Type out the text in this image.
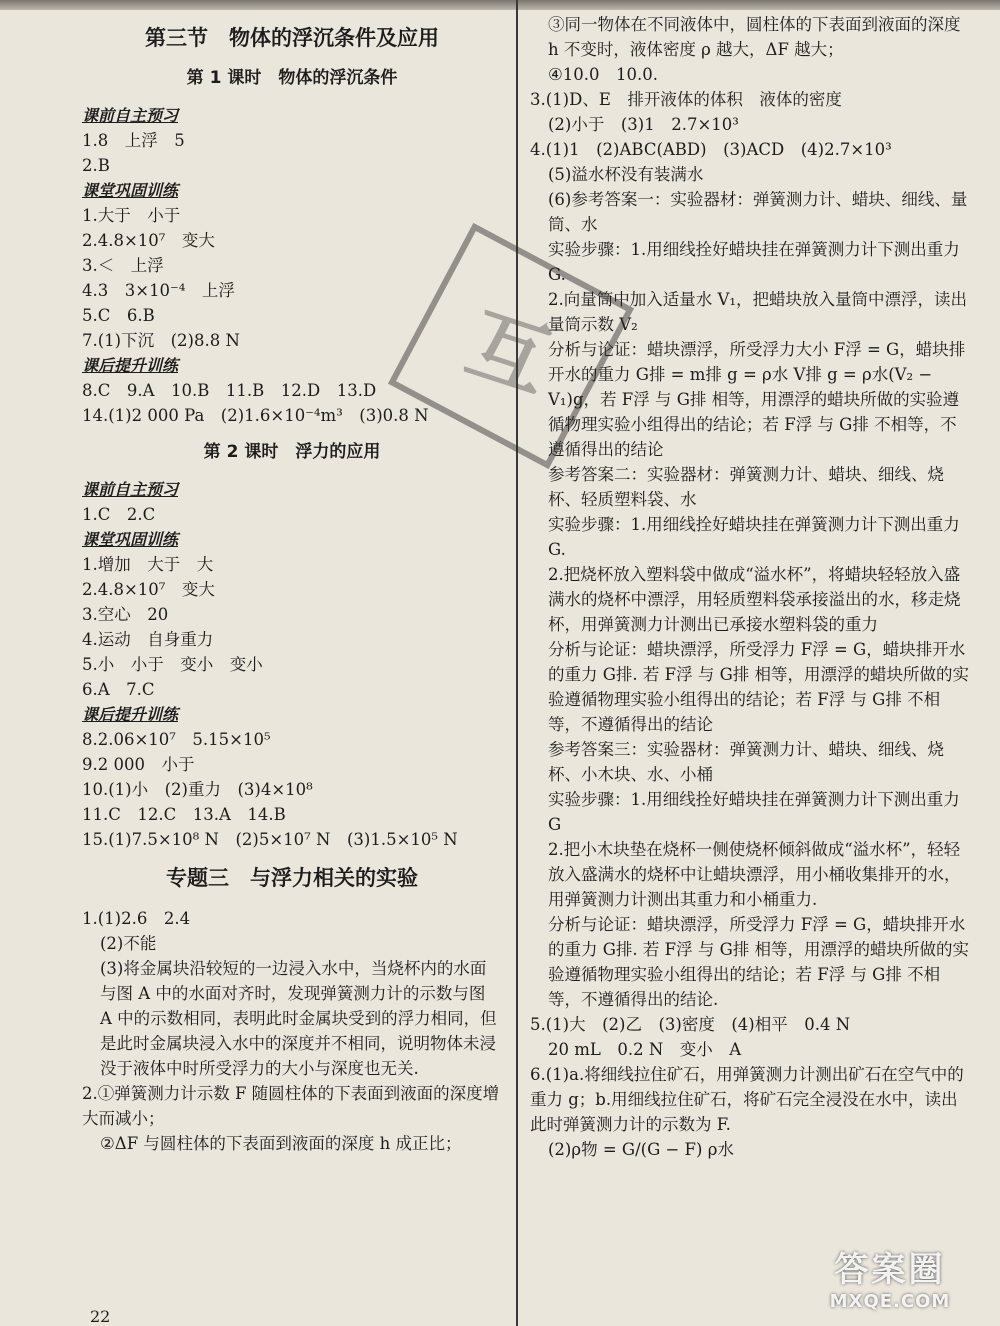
第三节　物体的浮沉条件及应用
第 1 课时　物体的浮沉条件
课前自主预习
1.8　上浮　5
2.B
课堂巩固训练
1.大于　小于
2.4.8×10⁷　变大
3.＜　上浮
4.3　3×10⁻⁴　上浮
5.C　6.B
7.(1)下沉　(2)8.8 N
课后提升训练
8.C　9.A　10.B　11.B　12.D　13.D
14.(1)2 000 Pa　(2)1.6×10⁻⁴m³　(3)0.8 N
第 2 课时　浮力的应用
课前自主预习
1.C　2.C
课堂巩固训练
1.增加　大于　大
2.4.8×10⁷　变大
3.空心　20
4.运动　自身重力
5.小　小于　变小　变小
6.A　7.C
课后提升训练
8.2.06×10⁷　5.15×10⁵
9.2 000　小于
10.(1)小　(2)重力　(3)4×10⁸
11.C　12.C　13.A　14.B
15.(1)7.5×10⁸ N　(2)5×10⁷ N　(3)1.5×10⁵ N
专题三　与浮力相关的实验
1.(1)2.6　2.4
(2)不能
(3)将金属块沿较短的一边浸入水中，当烧杯内的水面与图 A 中的水面对齐时，发现弹簧测力计的示数与图 A 中的示数相同，表明此时金属块受到的浮力相同，但是此时金属块浸入水中的深度并不相同，说明物体未浸没于液体中时所受浮力的大小与深度也无关.
2.①弹簧测力计示数 F 随圆柱体的下表面到液面的深度增大而减小；
②ΔF 与圆柱体的下表面到液面的深度 h 成正比；
③同一物体在不同液体中，圆柱体的下表面到液面的深度 h 不变时，液体密度 ρ 越大，ΔF 越大；
④10.0　10.0.
3.(1)D、E　排开液体的体积　液体的密度
(2)小于　(3)1　2.7×10³
4.(1)1　(2)ABC(ABD)　(3)ACD　(4)2.7×10³
(5)溢水杯没有装满水
(6)参考答案一：实验器材：弹簧测力计、蜡块、细线、量筒、水
实验步骤：1.用细线拴好蜡块挂在弹簧测力计下测出重力 G.
2.向量筒中加入适量水 V₁，把蜡块放入量筒中漂浮，读出量筒示数 V₂
分析与论证：蜡块漂浮，所受浮力大小 F浮 = G，蜡块排开水的重力 G排 = m排 g = ρ水 V排 g = ρ水(V₂ − V₁)g，若 F浮 与 G排 相等，用漂浮的蜡块所做的实验遵循物理实验小组得出的结论；若 F浮 与 G排 不相等，不遵循得出的结论
参考答案二：实验器材：弹簧测力计、蜡块、细线、烧杯、轻质塑料袋、水
实验步骤：1.用细线拴好蜡块挂在弹簧测力计下测出重力 G.
2.把烧杯放入塑料袋中做成“溢水杯”，将蜡块轻轻放入盛满水的烧杯中漂浮，用轻质塑料袋承接溢出的水，移走烧杯，用弹簧测力计测出已承接水塑料袋的重力
分析与论证：蜡块漂浮，所受浮力 F浮 = G，蜡块排开水的重力 G排. 若 F浮 与 G排 相等，用漂浮的蜡块所做的实验遵循物理实验小组得出的结论；若 F浮 与 G排 不相等，不遵循得出的结论
参考答案三：实验器材：弹簧测力计、蜡块、细线、烧杯、小木块、水、小桶
实验步骤：1.用细线拴好蜡块挂在弹簧测力计下测出重力 G
2.把小木块垫在烧杯一侧使烧杯倾斜做成“溢水杯”，轻轻放入盛满水的烧杯中让蜡块漂浮，用小桶收集排开的水，用弹簧测力计测出其重力和小桶重力.
分析与论证：蜡块漂浮，所受浮力 F浮 = G，蜡块排开水的重力 G排. 若 F浮 与 G排 相等，用漂浮的蜡块所做的实验遵循物理实验小组得出的结论；若 F浮 与 G排 不相等，不遵循得出的结论.
5.(1)大　(2)乙　(3)密度　(4)相平　0.4 N
20 mL　0.2 N　变小　A
6.(1)a.将细线拉住矿石，用弹簧测力计测出矿石在空气中的重力 g；b.用细线拉住矿石，将矿石完全浸没在水中，读出此时弹簧测力计的示数为 F.
(2)ρ物 = G/(G − F) ρ水
互
22
答案圈
MXQE.COM
